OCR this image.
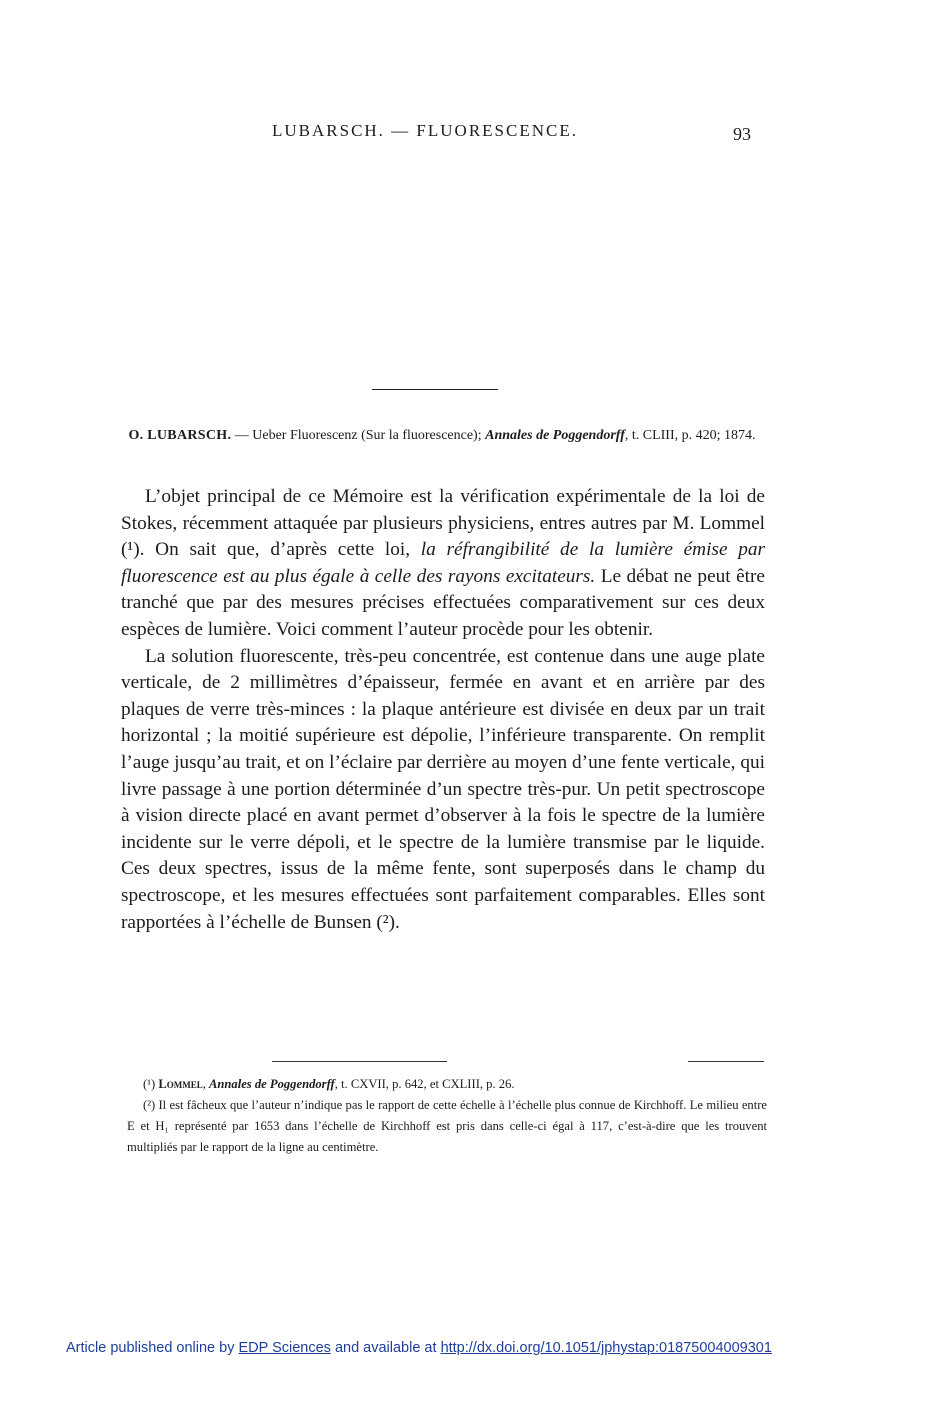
LUBARSCH. — FLUORESCENCE.	93
O. LUBARSCH. — Ueber Fluorescenz (Sur la fluorescence); Annales de Poggendorff, t. CLIII, p. 420; 1874.

L’objet principal de ce Mémoire est la vérification expérimentale de la loi de Stokes, récemment attaquée par plusieurs physiciens, entres autres par M. Lommel (¹). On sait que, d’après cette loi, la réfrangibilité de la lumière émise par fluorescence est au plus égale à celle des rayons excitateurs. Le débat ne peut être tranché que par des mesures précises effectuées comparativement sur ces deux espèces de lumière. Voici comment l’auteur procède pour les obtenir.

La solution fluorescente, très-peu concentrée, est contenue dans une auge plate verticale, de 2 millimètres d’épaisseur, fermée en avant et en arrière par des plaques de verre très-minces : la plaque antérieure est divisée en deux par un trait horizontal ; la moitié supérieure est dépolie, l’inférieure transparente. On remplit l’auge jusqu’au trait, et on l’éclaire par derrière au moyen d’une fente verticale, qui livre passage à une portion déterminée d’un spectre très-pur. Un petit spectroscope à vision directe placé en avant permet d’observer à la fois le spectre de la lumière incidente sur le verre dépoli, et le spectre de la lumière transmise par le liquide. Ces deux spectres, issus de la même fente, sont superposés dans le champ du spectroscope, et les mesures effectuées sont parfaitement comparables. Elles sont rapportées à l’échelle de Bunsen (²).

(¹) Lommel, Annales de Poggendorff, t. CXVII, p. 642, et CXLIII, p. 26.

(²) Il est fâcheux que l’auteur n’indique pas le rapport de cette échelle à l’échelle plus connue de Kirchhoff. Le milieu entre E et H₁ représenté par 1653 dans l’échelle de Kirchhoff est pris dans celle-ci égal à 117, c’est-à-dire que les trouvent multipliés par le rapport de la ligne au centimètre.

Article published online by EDP Sciences and available at http://dx.doi.org/10.1051/jphystap:01875004009301
